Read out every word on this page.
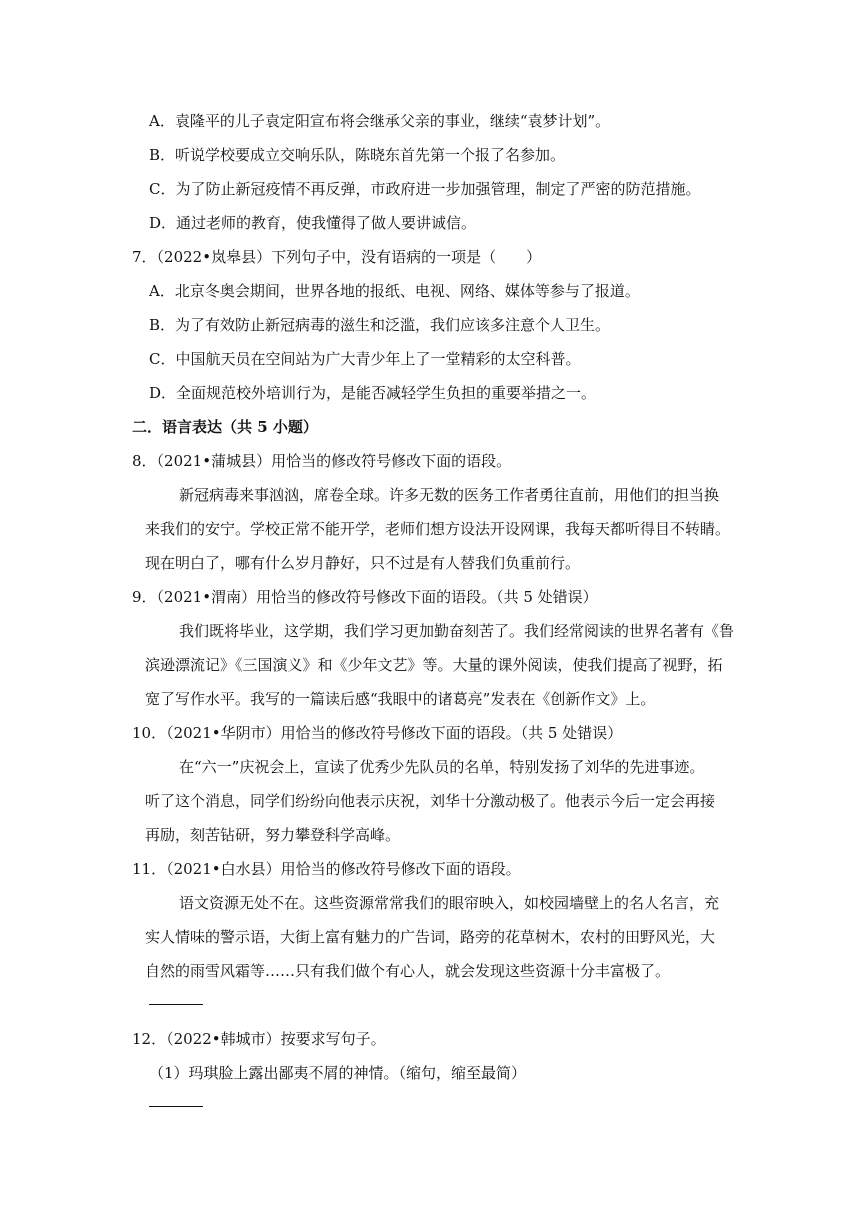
A．袁隆平的儿子袁定阳宣布将会继承父亲的事业，继续“袁梦计划”。
B．听说学校要成立交响乐队，陈晓东首先第一个报了名参加。
C．为了防止新冠疫情不再反弹，市政府进一步加强管理，制定了严密的防范措施。
D．通过老师的教育，使我懂得了做人要讲诚信。
7．（2022•岚皋县）下列句子中，没有语病的一项是（　　）
A．北京冬奥会期间，世界各地的报纸、电视、网络、媒体等参与了报道。
B．为了有效防止新冠病毒的滋生和泛滥，我们应该多注意个人卫生。
C．中国航天员在空间站为广大青少年上了一堂精彩的太空科普。
D．全面规范校外培训行为，是能否减轻学生负担的重要举措之一。
二．语言表达（共 5 小题）
8．（2021•蒲城县）用恰当的修改符号修改下面的语段。
新冠病毒来事汹汹，席卷全球。许多无数的医务工作者勇往直前，用他们的担当换
来我们的安宁。学校正常不能开学，老师们想方设法开设网课，我每天都听得目不转睛。
现在明白了，哪有什么岁月静好，只不过是有人替我们负重前行。
9．（2021•渭南）用恰当的修改符号修改下面的语段。（共 5 处错误）
我们既将毕业，这学期，我们学习更加勤奋刻苦了。我们经常阅读的世界名著有《鲁
滨逊漂流记》《三国演义》和《少年文艺》等。大量的课外阅读，使我们提高了视野，拓
宽了写作水平。我写的一篇读后感“我眼中的诸葛亮”发表在《创新作文》上。
10．（2021•华阴市）用恰当的修改符号修改下面的语段。（共 5 处错误）
在“六一”庆祝会上，宣读了优秀少先队员的名单，特别发扬了刘华的先进事迹。
听了这个消息，同学们纷纷向他表示庆祝，刘华十分激动极了。他表示今后一定会再接
再励，刻苦钻研，努力攀登科学高峰。
11．（2021•白水县）用恰当的修改符号修改下面的语段。
语文资源无处不在。这些资源常常我们的眼帘映入，如校园墙壁上的名人名言，充
实人情味的警示语，大街上富有魅力的广告词，路旁的花草树木，农村的田野风光，大
自然的雨雪风霜等……只有我们做个有心人，就会发现这些资源十分丰富极了。
12．（2022•韩城市）按要求写句子。
（1）玛琪脸上露出鄙夷不屑的神情。（缩句，缩至最简）
